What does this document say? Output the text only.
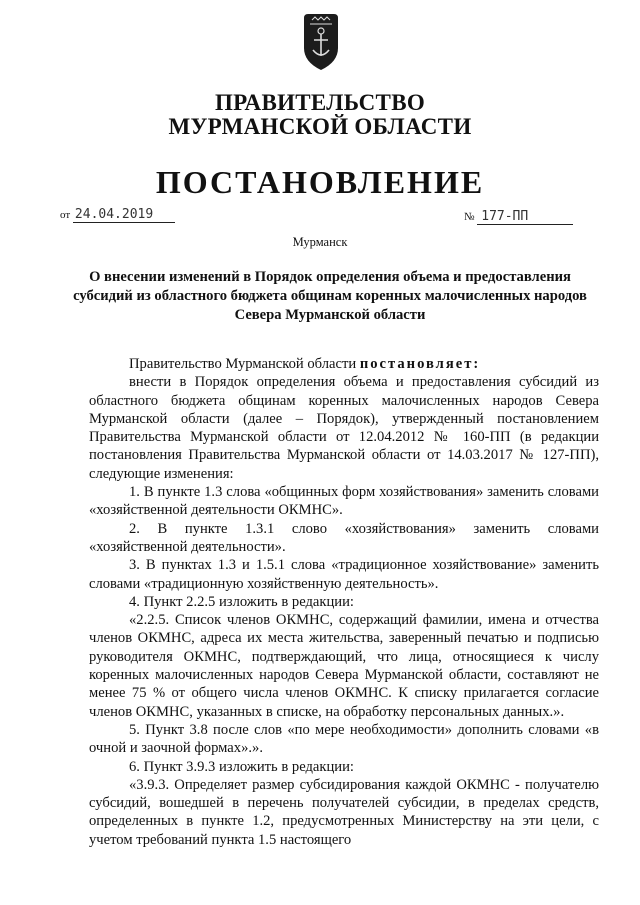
ПРАВИТЕЛЬСТВО
МУРМАНСКОЙ ОБЛАСТИ
ПОСТАНОВЛЕНИЕ
от 24.04.2019	№ 177-ПП
Мурманск
О внесении изменений в Порядок определения объема и предоставления субсидий из областного бюджета общинам коренных малочисленных народов Севера Мурманской области

Правительство Мурманской области постановляет:

внести в Порядок определения объема и предоставления субсидий из областного бюджета общинам коренных малочисленных народов Севера Мурманской области (далее – Порядок), утвержденный постановлением Правительства Мурманской области от 12.04.2012 № 160-ПП (в редакции постановления Правительства Мурманской области от 14.03.2017 № 127-ПП), следующие изменения:

1. В пункте 1.3 слова «общинных форм хозяйствования» заменить словами «хозяйственной деятельности ОКМНС».

2. В пункте 1.3.1 слово «хозяйствования» заменить словами «хозяйственной деятельности».

3. В пунктах 1.3 и 1.5.1 слова «традиционное хозяйствование» заменить словами «традиционную хозяйственную деятельность».

4. Пункт 2.2.5 изложить в редакции:

«2.2.5. Список членов ОКМНС, содержащий фамилии, имена и отчества членов ОКМНС, адреса их места жительства, заверенный печатью и подписью руководителя ОКМНС, подтверждающий, что лица, относящиеся к числу коренных малочисленных народов Севера Мурманской области, составляют не менее 75 % от общего числа членов ОКМНС. К списку прилагается согласие членов ОКМНС, указанных в списке, на обработку персональных данных.».

5. Пункт 3.8 после слов «по мере необходимости» дополнить словами «в очной и заочной формах».».

6. Пункт 3.9.3 изложить в редакции:

«3.9.3. Определяет размер субсидирования каждой ОКМНС - получателю субсидий, вошедшей в перечень получателей субсидии, в пределах средств, определенных в пункте 1.2, предусмотренных Министерству на эти цели, с учетом требований пункта 1.5 настоящего
